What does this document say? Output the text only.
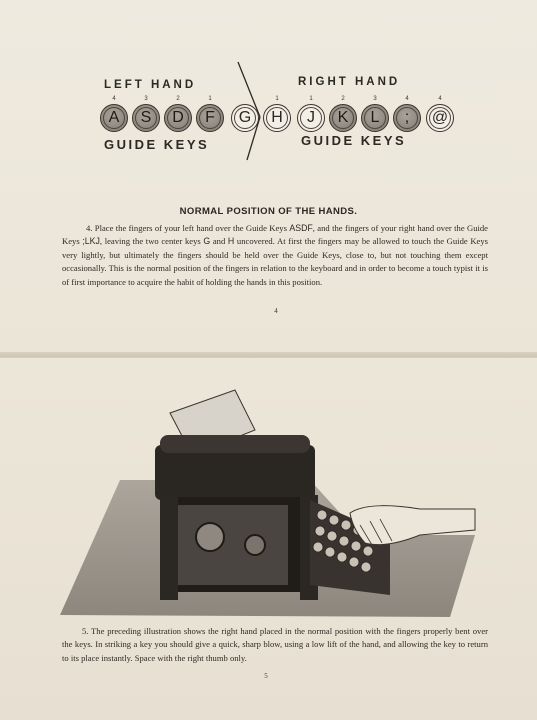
LEFT HAND	RIGHT HAND
GUIDE KEYS	GUIDE KEYS
A
4
S
3
D
2
F
1
G	H
1
J
1
K
2
L
3
;
4
@
4
NORMAL POSITION OF THE HANDS.

4. Place the fingers of your left hand over the Guide Keys ASDF, and the fingers of your right hand over the Guide Keys ;LKJ, leaving the two center keys G and H uncovered. At first the fingers may be allowed to touch the Guide Keys very lightly, but ultimately the fingers should be held over the Guide Keys, close to, but not touching them except occasionally. This is the normal position of the fingers in relation to the keyboard and in order to become a touch typist it is of first importance to acquire the habit of holding the hands in this position.

4

5. The preceding illustration shows the right hand placed in the normal position with the fingers properly bent over the keys. In striking a key you should give a quick, sharp blow, using a low lift of the hand, and allowing the key to return to its place instantly. Space with the right thumb only.

5
